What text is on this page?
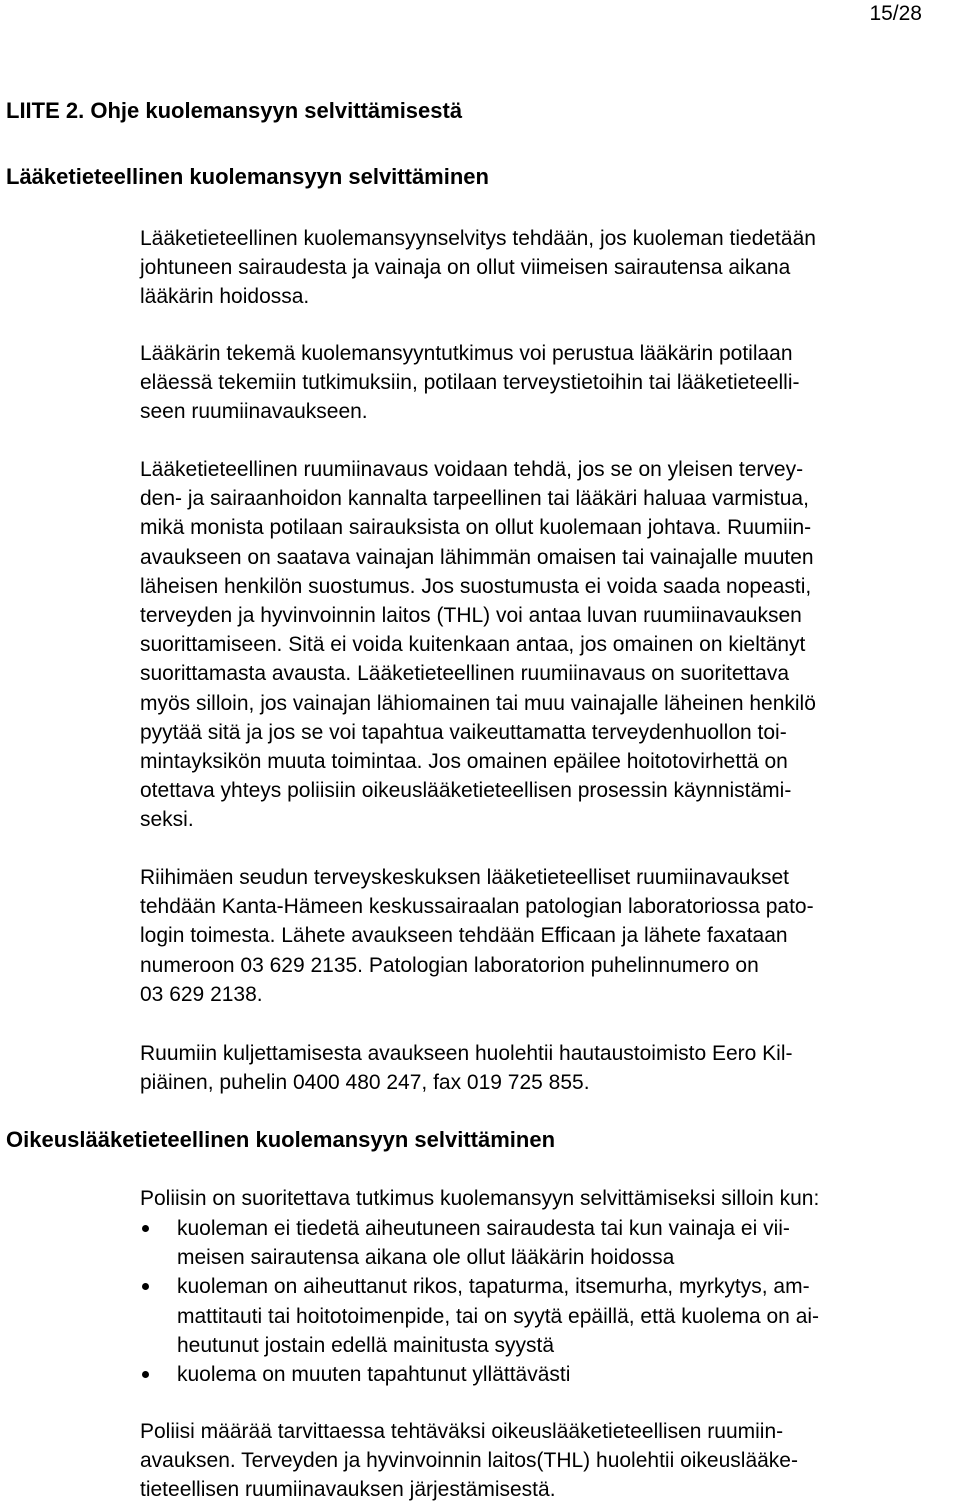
15/28
LIITE 2. Ohje kuolemansyyn selvittämisestä
Lääketieteellinen kuolemansyyn selvittäminen

Lääketieteellinen kuolemansyynselvitys tehdään, jos kuoleman tiedetään
johtuneen sairaudesta ja vainaja on ollut viimeisen sairautensa aikana
lääkärin hoidossa.

Lääkärin tekemä kuolemansyyntutkimus voi perustua lääkärin potilaan
eläessä tekemiin tutkimuksiin, potilaan terveystietoihin tai lääketieteelli-
seen ruumiinavaukseen.

Lääketieteellinen ruumiinavaus voidaan tehdä, jos se on yleisen tervey-
den- ja sairaanhoidon kannalta tarpeellinen tai lääkäri haluaa varmistua,
mikä monista potilaan sairauksista on ollut kuolemaan johtava. Ruumiin-
avaukseen on saatava vainajan lähimmän omaisen tai vainajalle muuten
läheisen henkilön suostumus. Jos suostumusta ei voida saada nopeasti,
terveyden ja hyvinvoinnin laitos (THL) voi antaa luvan ruumiinavauksen
suorittamiseen. Sitä ei voida kuitenkaan antaa, jos omainen on kieltänyt
suorittamasta avausta. Lääketieteellinen ruumiinavaus on suoritettava
myös silloin, jos vainajan lähiomainen tai muu vainajalle läheinen henkilö
pyytää sitä ja jos se voi tapahtua vaikeuttamatta terveydenhuollon toi-
mintayksikön muuta toimintaa. Jos omainen epäilee hoitotovirhettä on
otettava yhteys poliisiin oikeuslääketieteellisen prosessin käynnistämi-
seksi.

Riihimäen seudun terveyskeskuksen lääketieteelliset ruumiinavaukset
tehdään Kanta-Hämeen keskussairaalan patologian laboratoriossa pato-
login toimesta. Lähete avaukseen tehdään Efficaan ja lähete faxataan
numeroon 03 629 2135. Patologian laboratorion puhelinnumero on
03 629 2138.

Ruumiin kuljettamisesta avaukseen huolehtii hautaustoimisto Eero Kil-
piäinen, puhelin 0400 480 247, fax 019 725 855.

Oikeuslääketieteellinen kuolemansyyn selvittäminen

Poliisin on suoritettava tutkimus kuolemansyyn selvittämiseksi silloin kun:

kuoleman ei tiedetä aiheutuneen sairaudesta tai kun vainaja ei vii-
meisen sairautensa aikana ole ollut lääkärin hoidossa
kuoleman on aiheuttanut rikos, tapaturma, itsemurha, myrkytys, am-
mattitauti tai hoitotoimenpide, tai on syytä epäillä, että kuolema on ai-
heutunut jostain edellä mainitusta syystä
kuolema on muuten tapahtunut yllättävästi

Poliisi määrää tarvittaessa tehtäväksi oikeuslääketieteellisen ruumiin-
avauksen. Terveyden ja hyvinvoinnin laitos(THL) huolehtii oikeuslääke-
tieteellisen ruumiinavauksen järjestämisestä.
